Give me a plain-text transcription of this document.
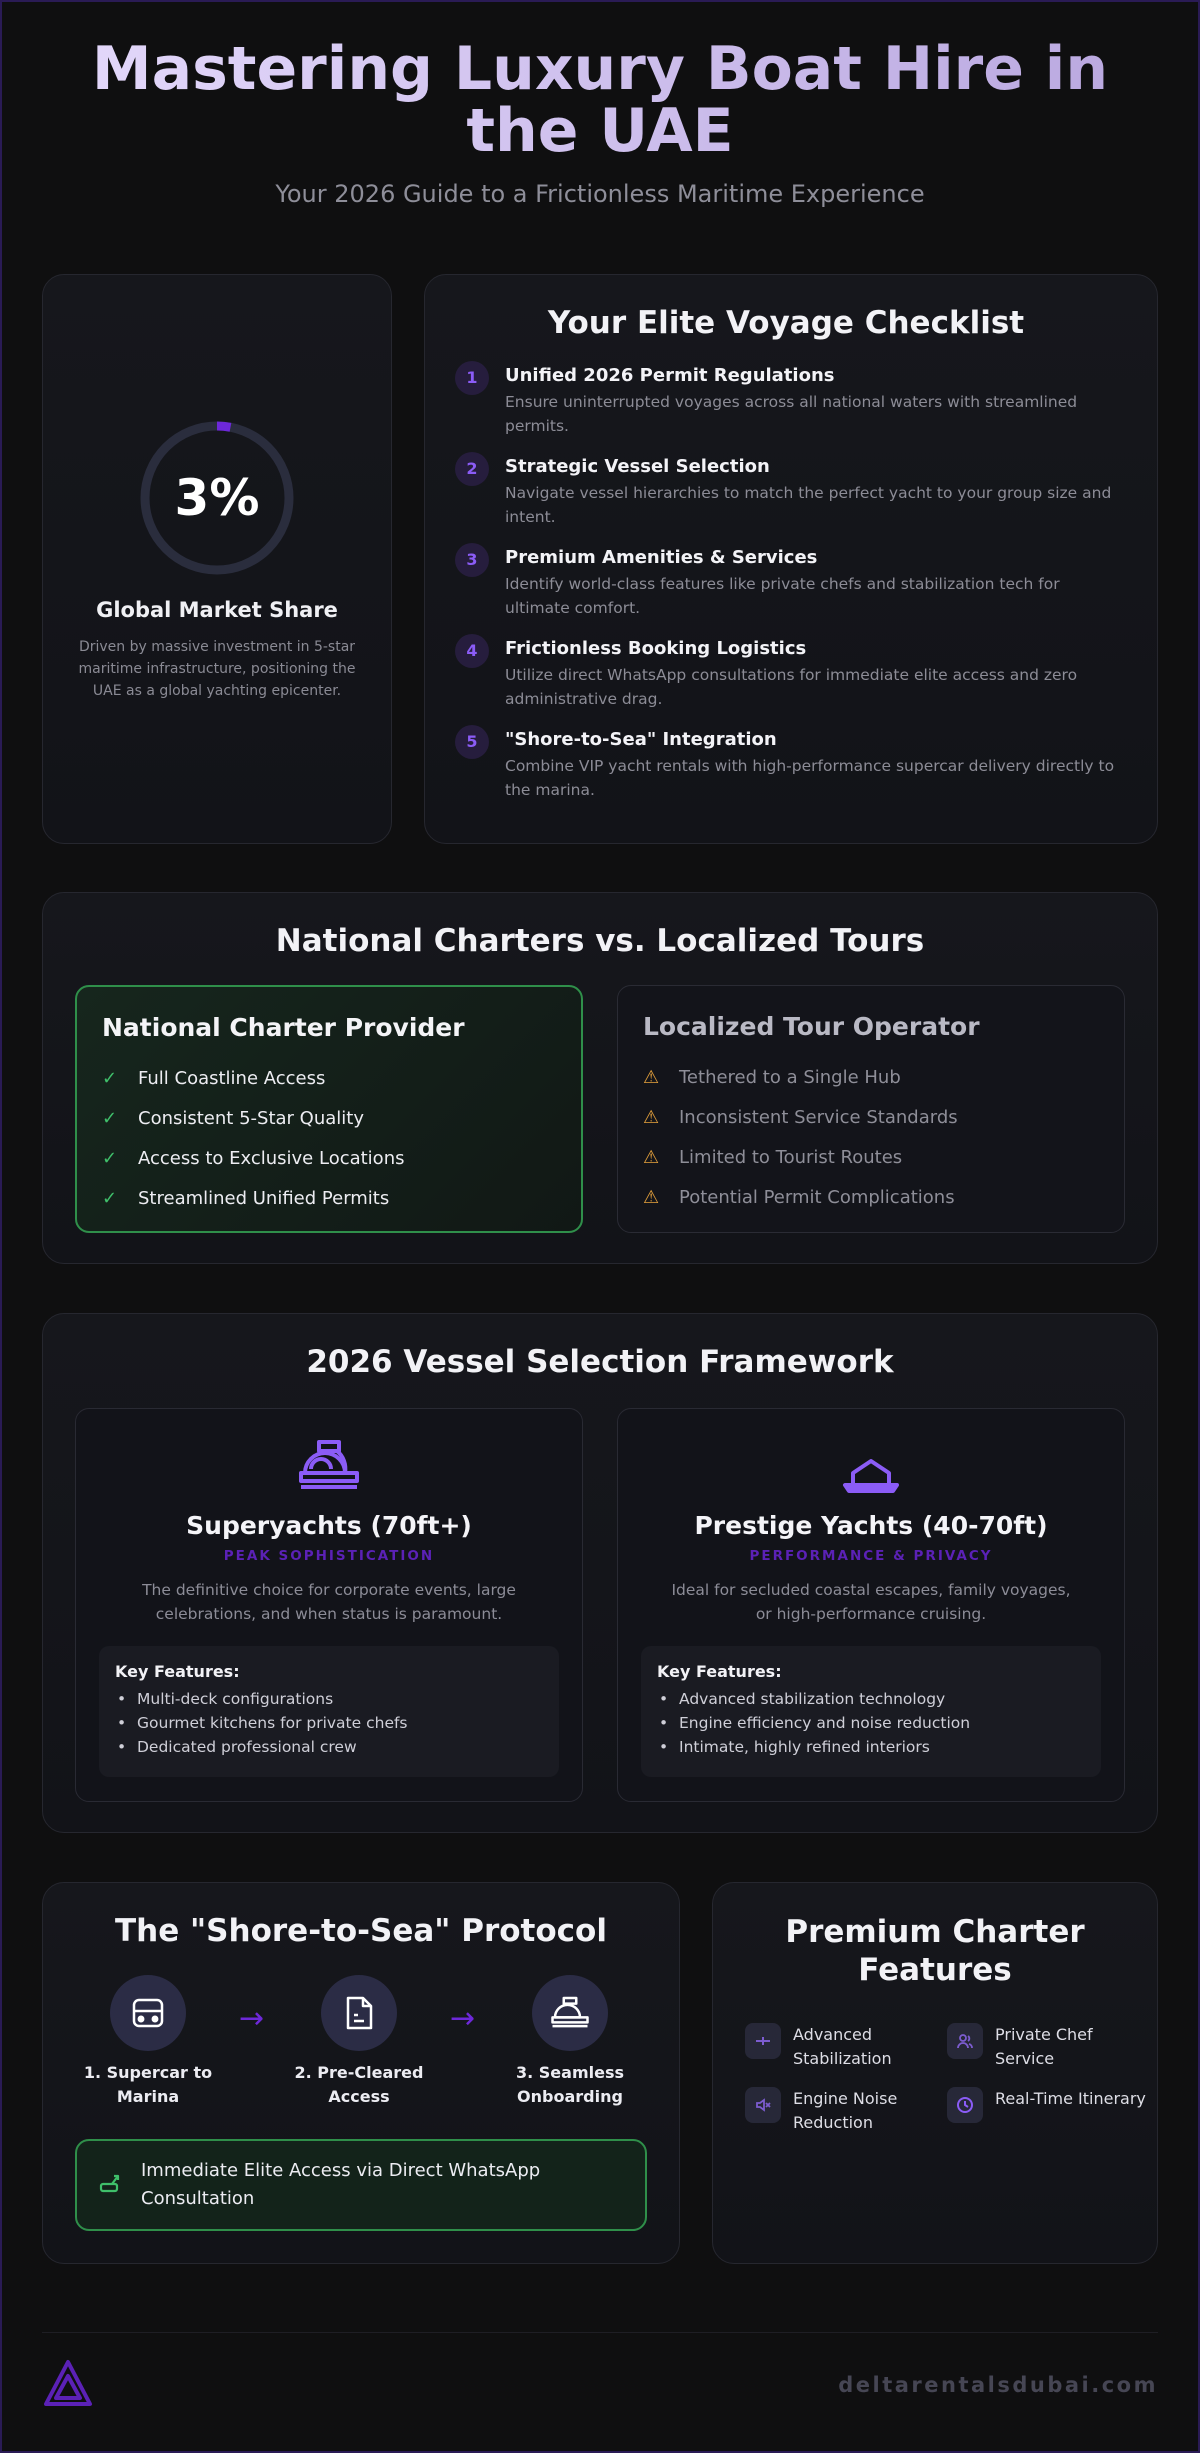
Mastering Luxury Boat Hire in the UAE
Your 2026 Guide to a Frictionless Maritime Experience
3%
Global Market Share
Driven by massive investment in 5-star maritime infrastructure, positioning the UAE as a global yachting epicenter.
Your Elite Voyage Checklist
1	Unified 2026 Permit Regulations
Ensure uninterrupted voyages across all national waters with streamlined permits.
2	Strategic Vessel Selection
Navigate vessel hierarchies to match the perfect yacht to your group size and intent.
3	Premium Amenities & Services
Identify world-class features like private chefs and stabilization tech for ultimate comfort.
4	Frictionless Booking Logistics
Utilize direct WhatsApp consultations for immediate elite access and zero administrative drag.
5	"Shore-to-Sea" Integration
Combine VIP yacht rentals with high-performance supercar delivery directly to the marina.
National Charters vs. Localized Tours
National Charter Provider
✓	Full Coastline Access
✓	Consistent 5-Star Quality
✓	Access to Exclusive Locations
✓	Streamlined Unified Permits
Localized Tour Operator
⚠	Tethered to a Single Hub
⚠	Inconsistent Service Standards
⚠	Limited to Tourist Routes
⚠	Potential Permit Complications
2026 Vessel Selection Framework
Superyachts (70ft+)
PEAK SOPHISTICATION
The definitive choice for corporate events, large celebrations, and when status is paramount.
Key Features:
• Multi-deck configurations
• Gourmet kitchens for private chefs
• Dedicated professional crew
Prestige Yachts (40-70ft)
PERFORMANCE & PRIVACY
Ideal for secluded coastal escapes, family voyages, or high-performance cruising.
Key Features:
• Advanced stabilization technology
• Engine efficiency and noise reduction
• Intimate, highly refined interiors
The "Shore-to-Sea" Protocol
1. Supercar to Marina
→
2. Pre-Cleared Access
→
3. Seamless Onboarding
Immediate Elite Access via Direct WhatsApp Consultation
Premium Charter Features
Advanced Stabilization
Private Chef Service
Engine Noise Reduction
Real-Time Itinerary
deltarentalsdubai.com
